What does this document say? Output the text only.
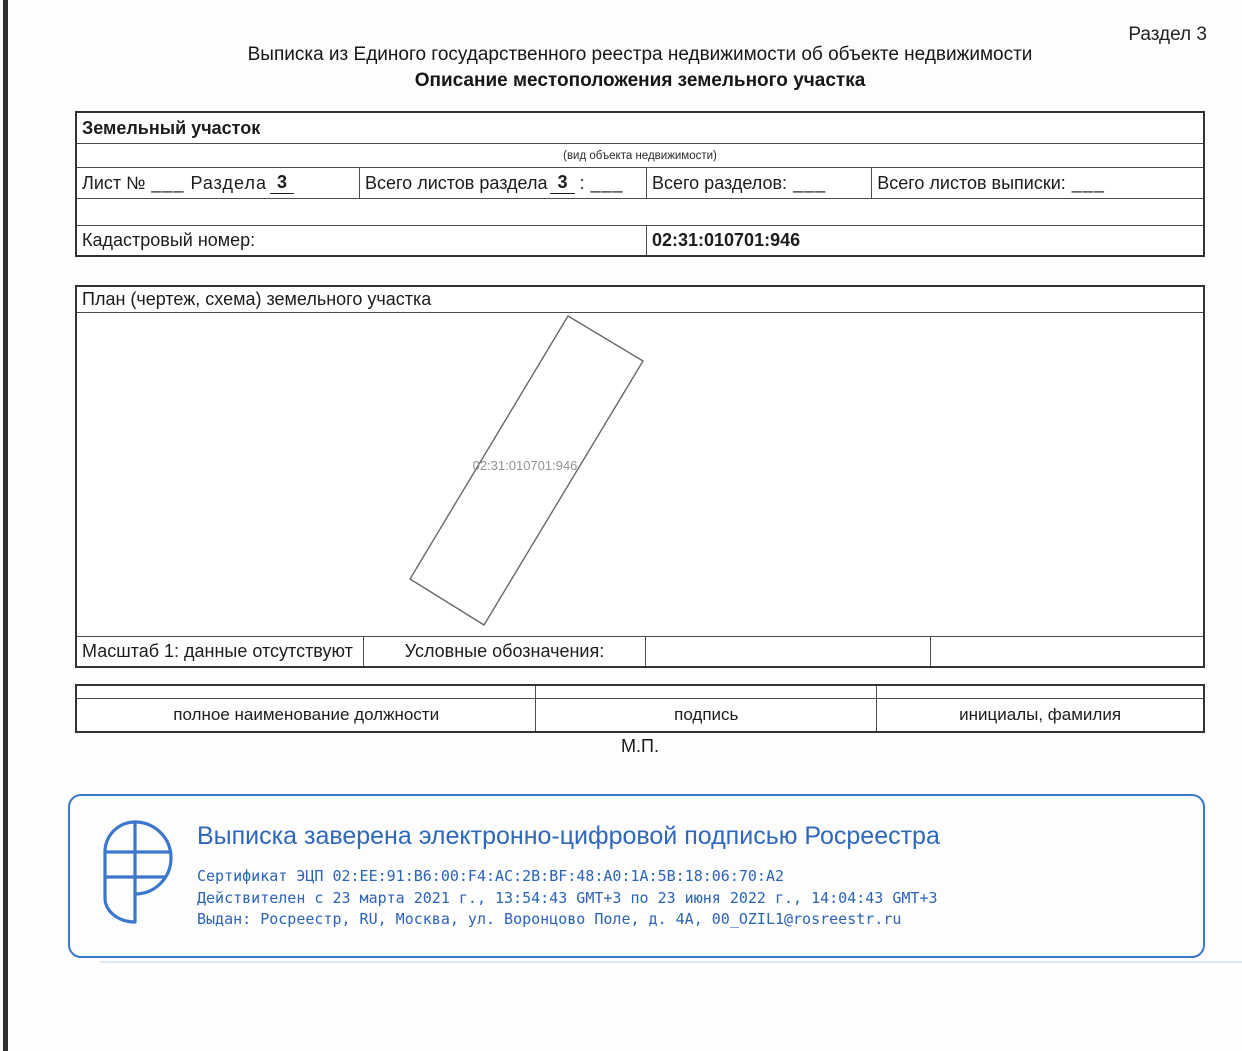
Раздел 3
Выписка из Единого государственного реестра недвижимости об объекте недвижимости
Описание местоположения земельного участка
Земельный участок
(вид объекта недвижимости)
Лист № ___ Раздела 3	Всего листов раздела 3 : ___ Всего разделов: ___	Всего листов выписки: ___
Кадастровый номер:	02:31:010701:946
План (чертеж, схема) земельного участка
02:31:010701:946
Масштаб 1: данные отсутствуют	Условные обозначения:
полное наименование должности	подпись	инициалы, фамилия
М.П.
Выписка заверена электронно-цифровой подписью Росреестра
Сертификат ЭЦП 02:EE:91:B6:00:F4:AC:2B:BF:48:A0:1A:5B:18:06:70:A2
Действителен с 23 марта 2021 г., 13:54:43 GMT+3 по 23 июня 2022 г., 14:04:43 GMT+3
Выдан: Росреестр, RU, Москва, ул. Воронцово Поле, д. 4А, 00_OZIL1@rosreestr.ru
